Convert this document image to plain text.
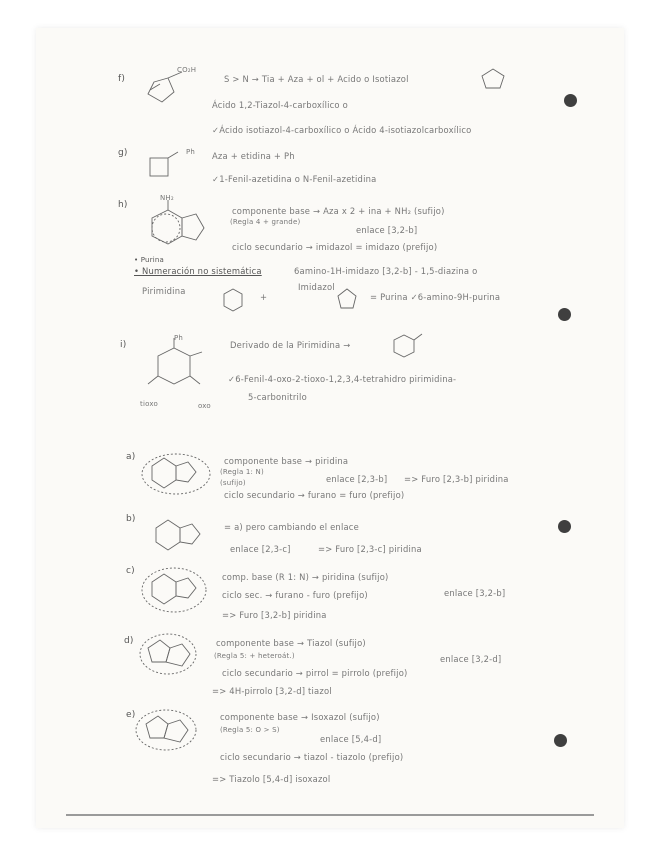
f)
CO₂H
S > N → Tia + Aza + ol + Acido o Isotiazol
Ácido 1,2-Tiazol-4-carboxílico o
✓Ácido isotiazol-4-carboxílico o Ácido 4-isotiazolcarboxílico
g)	Ph Aza + etidina + Ph
✓1-Fenil-azetidina o N-Fenil-azetidina
h)
NH₂
componente base → Aza x 2 + ina + NH₂ (sufijo)
(Regla 4 + grande)
enlace [3,2-b]
ciclo secundario → imidazol = imidazo (prefijo)
• Purina
• Numeración no sistemática	6amino-1H-imidazo [3,2-b] - 1,5-diazina o
Pirimidina
+
Imidazol
= Purina ✓6-amino-9H-purina
i)
Ph
tioxo	oxo
Derivado de la Pirimidina →
✓6-Fenil-4-oxo-2-tioxo-1,2,3,4-tetrahidro pirimidina-
5-carbonitrilo
a)	componente base → piridina
(Regla 1: N)
enlace [2,3-b] => Furo [2,3-b] piridina
(sufijo)
ciclo secundario → furano = furo (prefijo)
b)
= a) pero cambiando el enlace
enlace [2,3-c]	=> Furo [2,3-c] piridina
c)
comp. base (R 1: N) → piridina (sufijo)
enlace [3,2-b]
ciclo sec. → furano - furo (prefijo)
=> Furo [3,2-b] piridina
d)	componente base → Tiazol (sufijo)
(Regla 5: + heteroát.)	enlace [3,2-d]
ciclo secundario → pirrol = pirrolo (prefijo)
=> 4H-pirrolo [3,2-d] tiazol
e)	componente base → Isoxazol (sufijo)
(Regla 5: O > S)
enlace [5,4-d]
ciclo secundario → tiazol - tiazolo (prefijo)
=> Tiazolo [5,4-d] isoxazol
